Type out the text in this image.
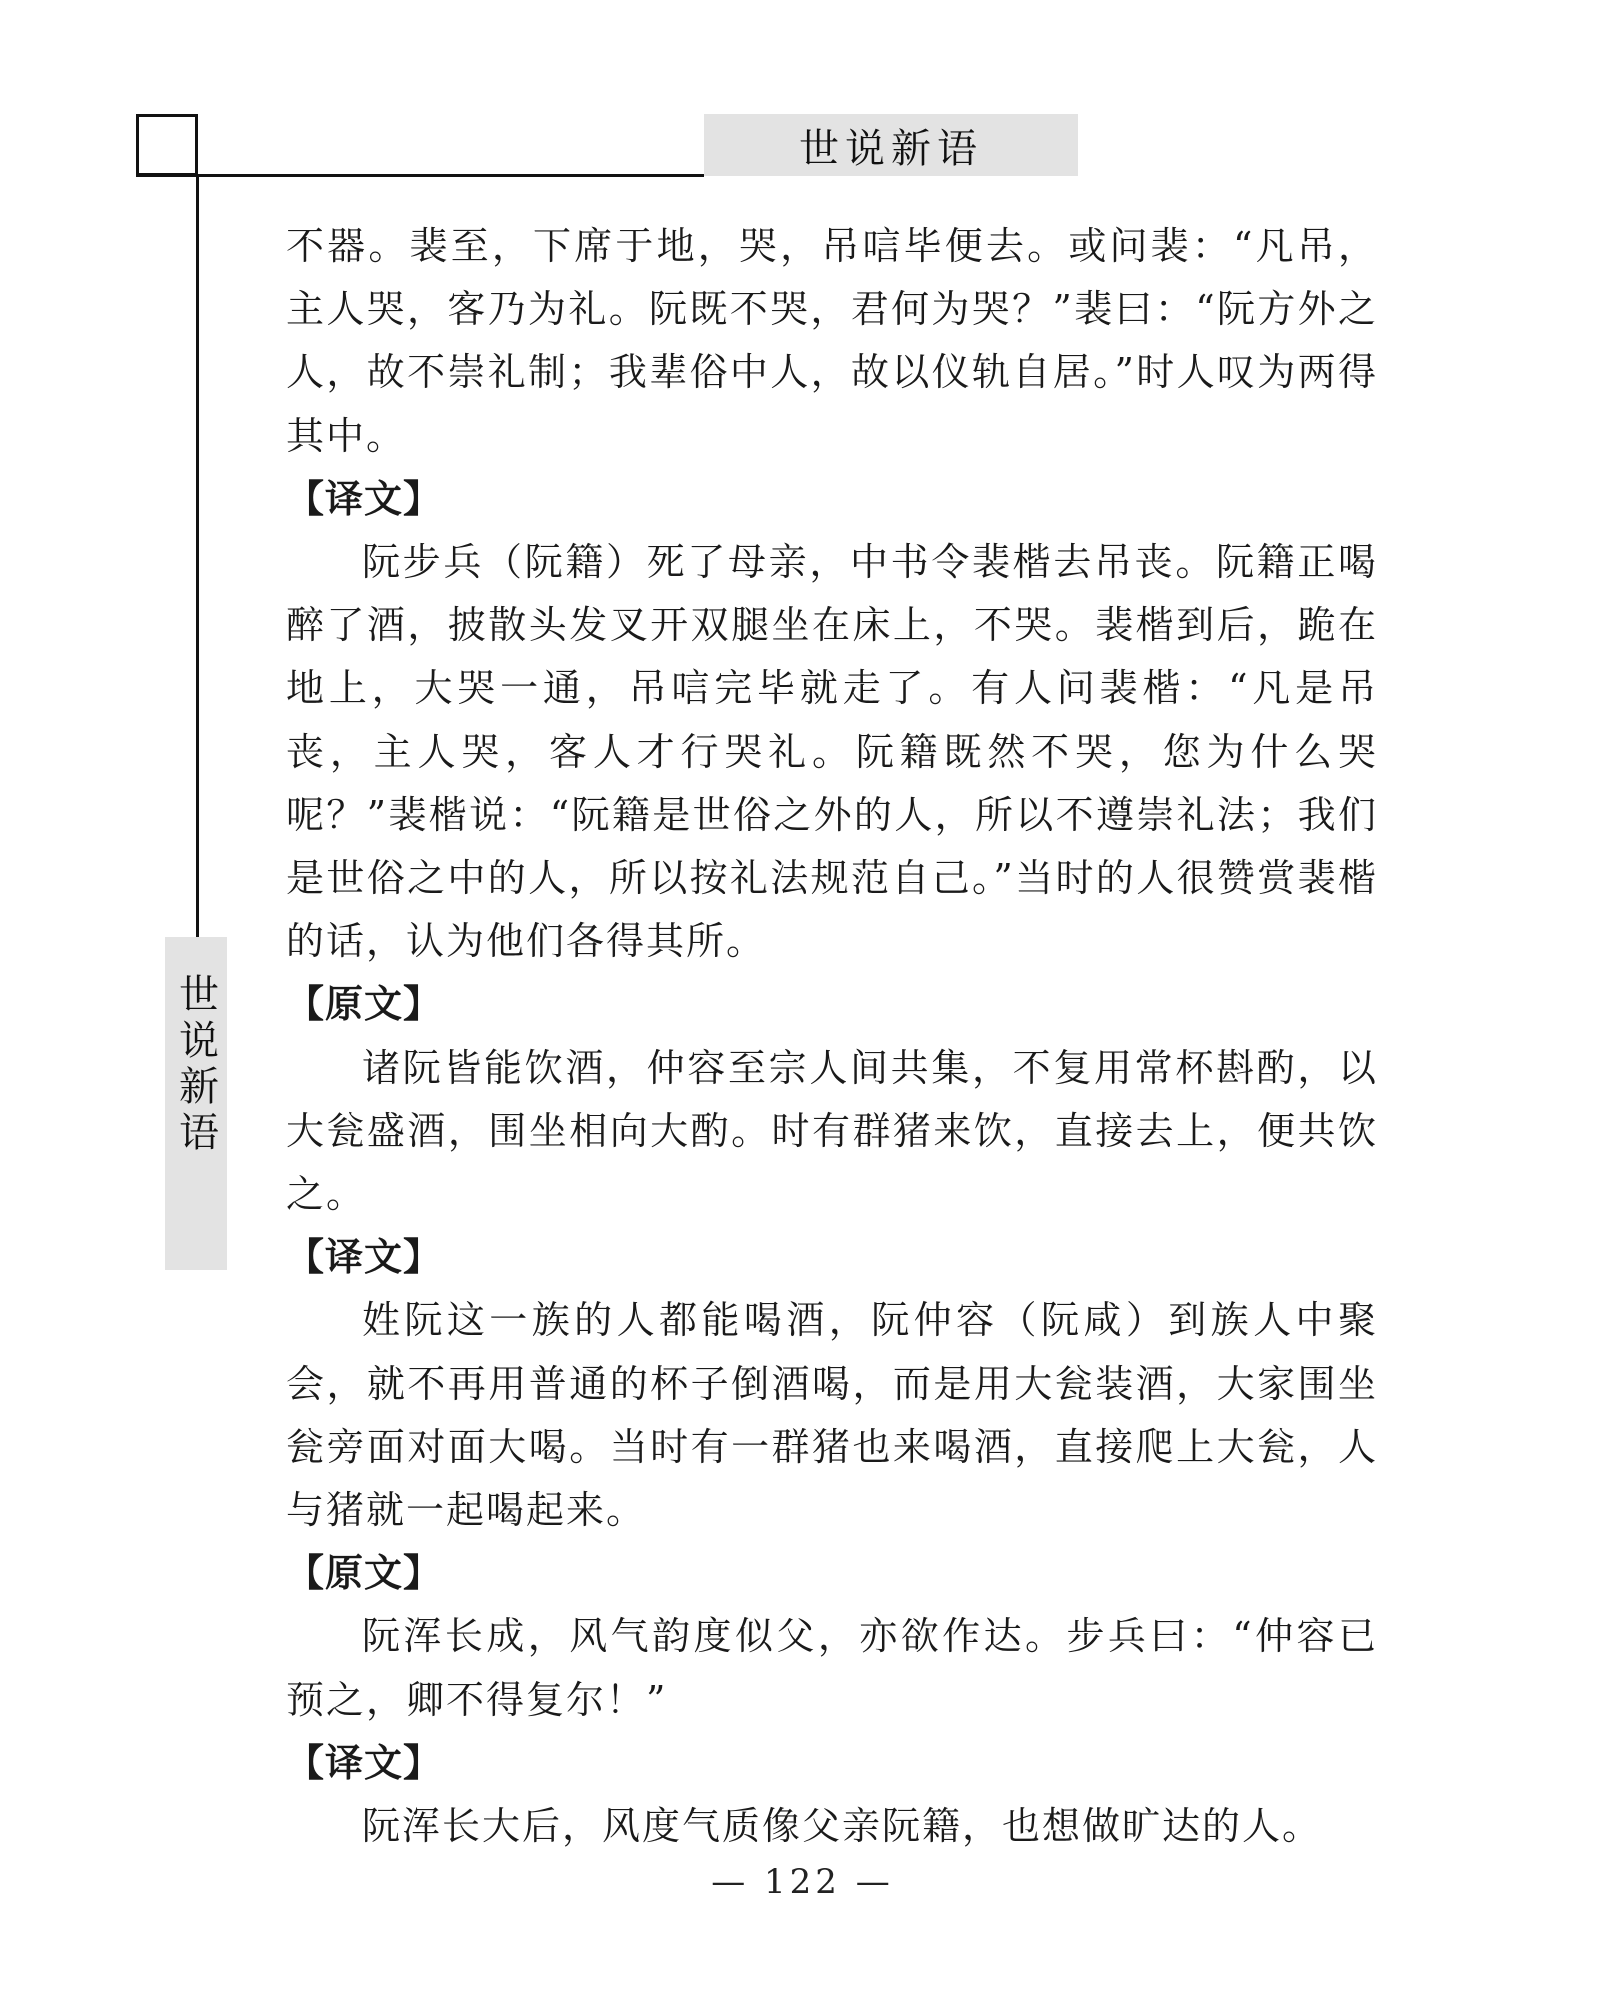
世说新语
世说新语

不器。裴至，下席于地，哭，吊唁毕便去。或问裴：“凡吊，主人哭，客乃为礼。阮既不哭，君何为哭？”裴曰：“阮方外之人，故不崇礼制；我辈俗中人，故以仪轨自居。”时人叹为两得其中。

【译文】

阮步兵（阮籍）死了母亲，中书令裴楷去吊丧。阮籍正喝醉了酒，披散头发叉开双腿坐在床上，不哭。裴楷到后，跪在地上，大哭一通，吊唁完毕就走了。有人问裴楷：“凡是吊丧，主人哭，客人才行哭礼。阮籍既然不哭，您为什么哭呢？”裴楷说：“阮籍是世俗之外的人，所以不遵崇礼法；我们是世俗之中的人，所以按礼法规范自己。”当时的人很赞赏裴楷的话，认为他们各得其所。

【原文】

诸阮皆能饮酒，仲容至宗人间共集，不复用常杯斟酌，以大瓮盛酒，围坐相向大酌。时有群猪来饮，直接去上，便共饮之。

【译文】

姓阮这一族的人都能喝酒，阮仲容（阮咸）到族人中聚会，就不再用普通的杯子倒酒喝，而是用大瓮装酒，大家围坐瓮旁面对面大喝。当时有一群猪也来喝酒，直接爬上大瓮，人与猪就一起喝起来。

【原文】

阮浑长成，风气韵度似父，亦欲作达。步兵曰：“仲容已预之，卿不得复尔！”

【译文】

阮浑长大后，风度气质像父亲阮籍，也想做旷达的人。

— 122 —
